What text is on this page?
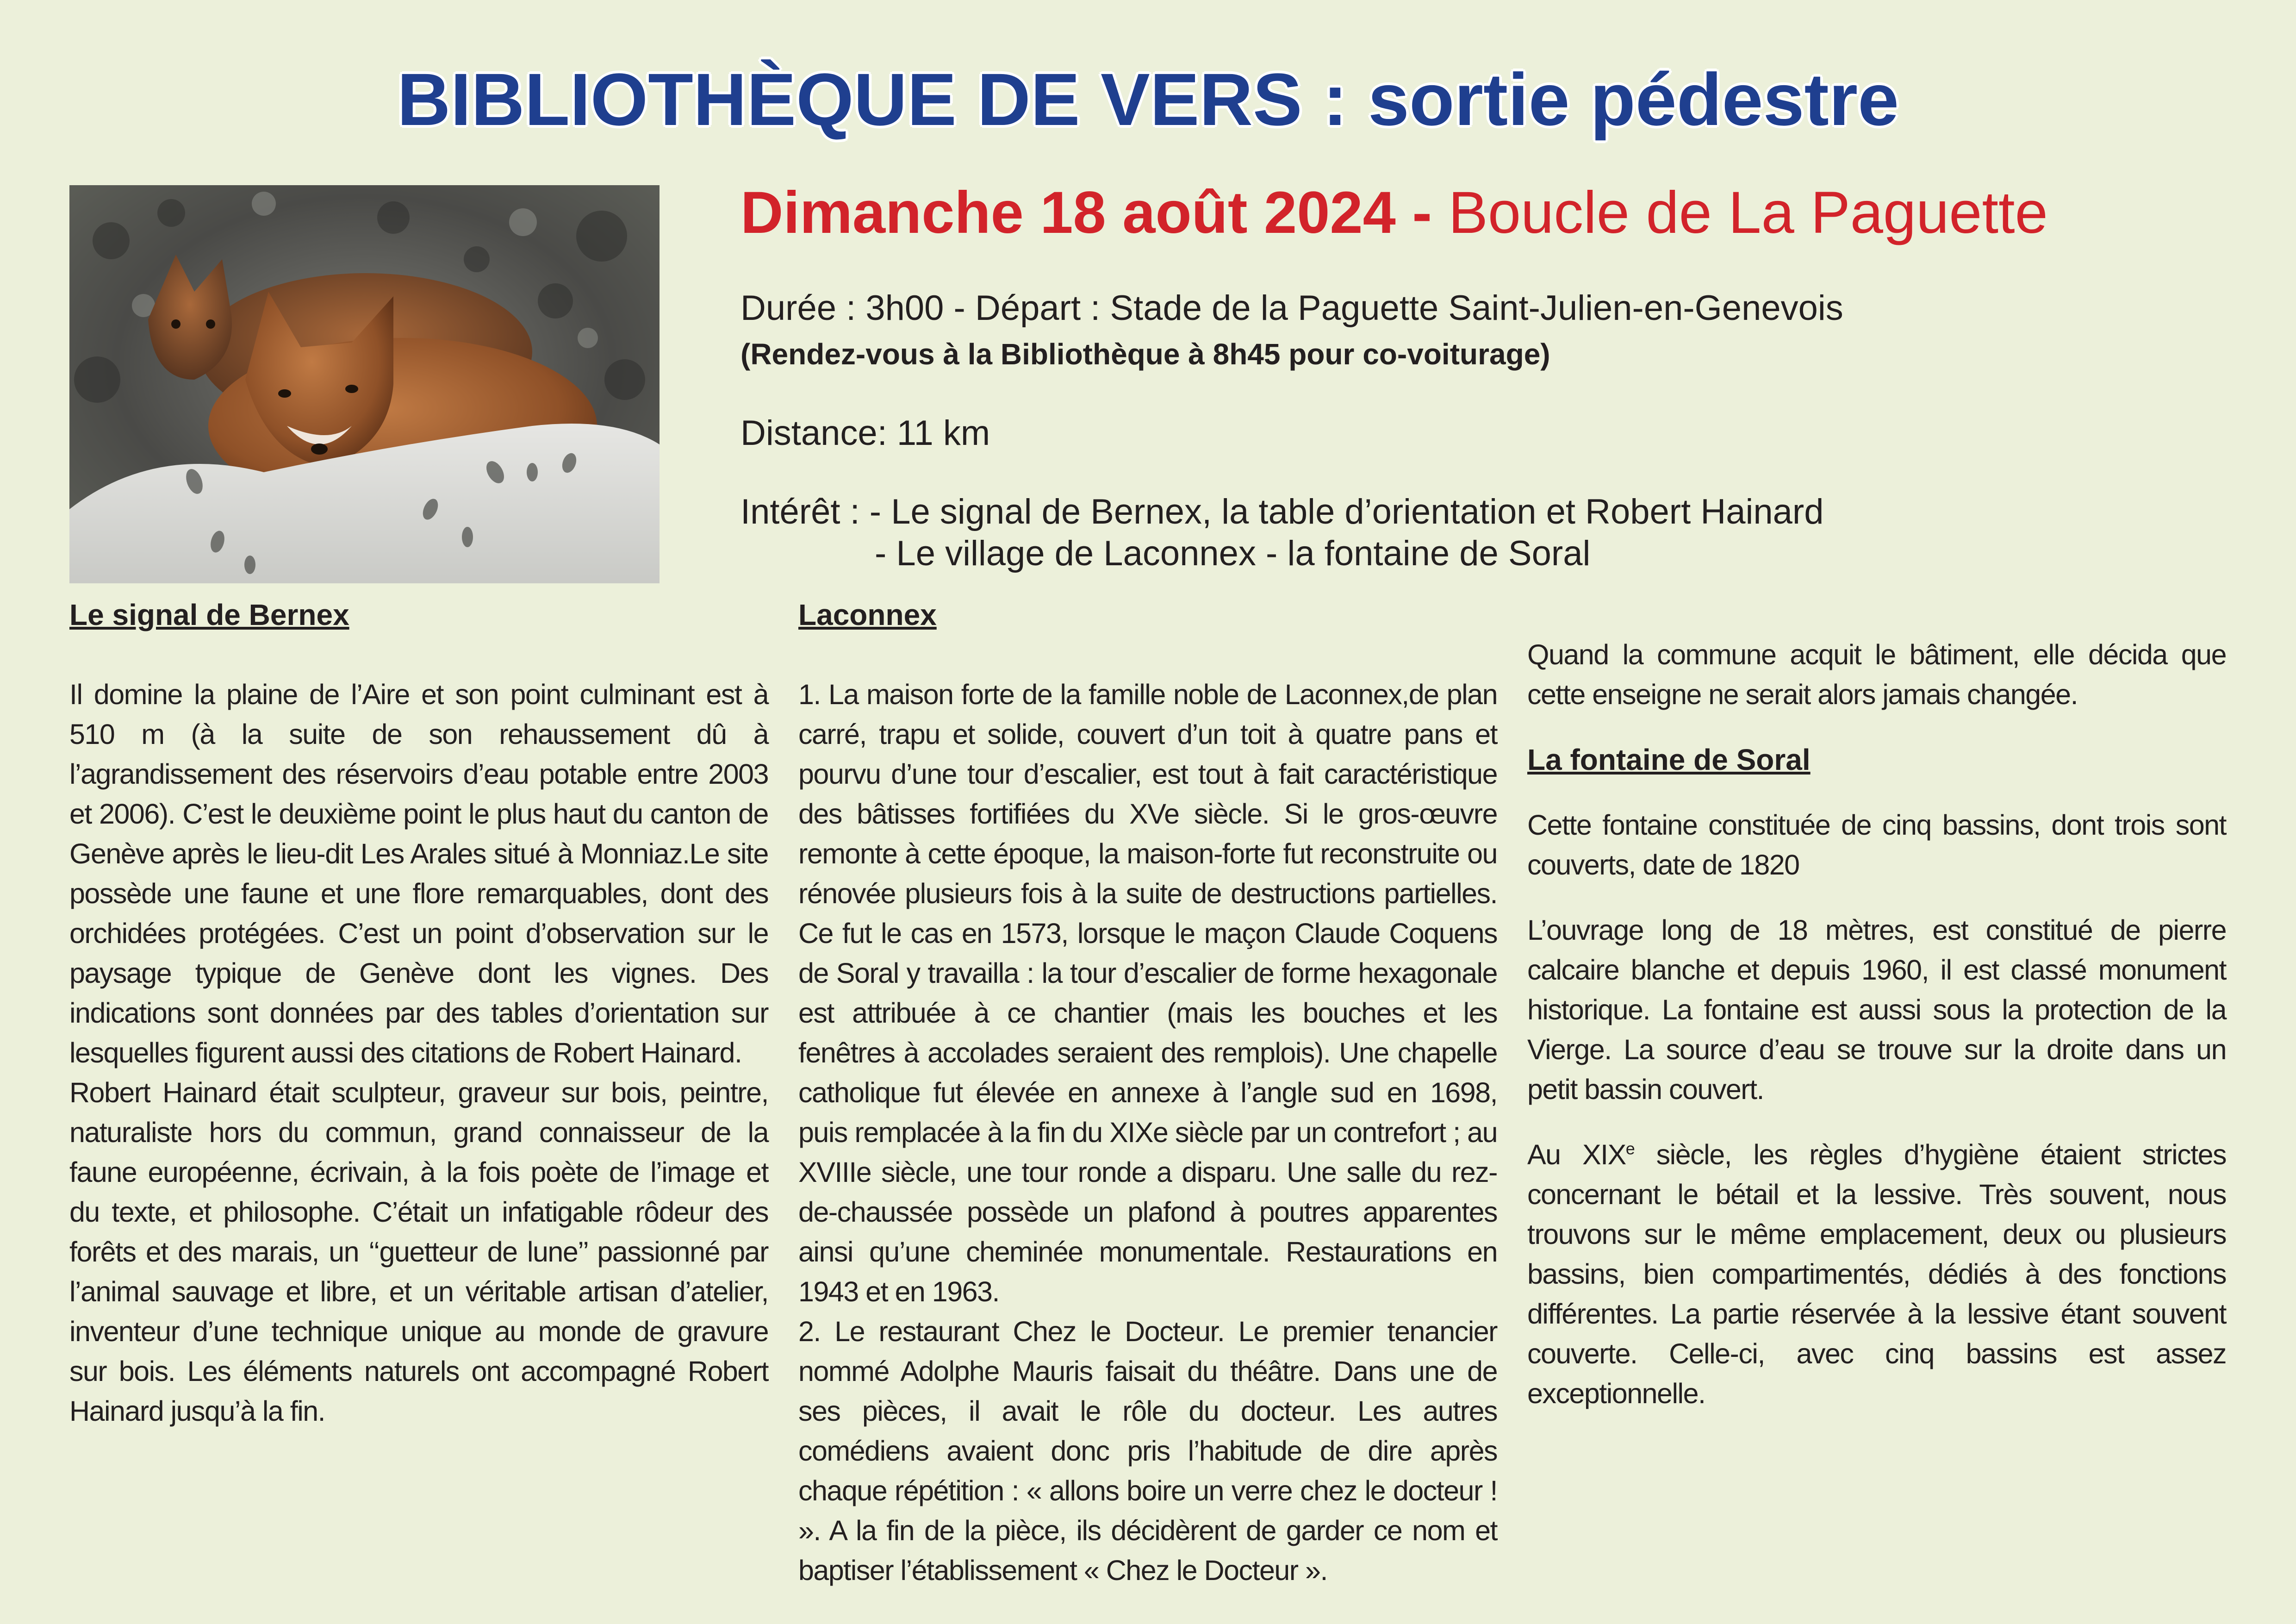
BIBLIOTHÈQUE DE VERS : sortie pédestre

Dimanche 18 août 2024 - Boucle de La Paguette

Durée : 3h00 - Départ : Stade de la Paguette Saint-Julien-en-Genevois

(Rendez-vous à la Bibliothèque à 8h45 pour co-voiturage)

Distance: 11 km

Intérêt : - Le signal de Bernex, la table d’orientation et Robert Hainard

- Le village de Laconnex - la fontaine de Soral

Le signal de Bernex

Il domine la plaine de l’Aire et son point culminant est à 510 m (à la suite de son rehaussement dû à l’agrandissement des réservoirs d’eau potable entre 2003 et 2006). C’est le deuxième point le plus haut du canton de Genève après le lieu-dit Les Arales situé à Monniaz.Le site possède une faune et une flore remarquables, dont des orchidées protégées. C’est un point d’observation sur le paysage typique de Genève dont les vignes. Des indications sont données par des tables d’orientation sur lesquelles figurent aussi des citations de Robert Hainard.

Robert Hainard était sculpteur, graveur sur bois, peintre, naturaliste hors du commun, grand connaisseur de la faune européenne, écrivain, à la fois poète de l’image et du texte, et philosophe. C’était un infatigable rôdeur des forêts et des marais, un ‘‘guetteur de lune’’ passionné par l’animal sauvage et libre, et un véritable artisan d’atelier, inventeur d’une technique unique au monde de gravure sur bois. Les éléments naturels ont accompagné Robert Hainard jusqu’à la fin.

Laconnex

1. La maison forte de la famille noble de Laconnex,de plan carré, trapu et solide, couvert d’un toit à quatre pans et pourvu d’une tour d’escalier, est tout à fait caractéristique des bâtisses fortifiées du XVe siècle. Si le gros-œuvre remonte à cette époque, la maison-forte fut reconstruite ou rénovée plusieurs fois à la suite de destructions partielles. Ce fut le cas en 1573, lorsque le maçon Claude Coquens de Soral y travailla : la tour d’escalier de forme hexagonale est attribuée à ce chantier (mais les bouches et les fenêtres à accolades seraient des remplois). Une chapelle catholique fut élevée en annexe à l’angle sud en 1698, puis remplacée à la fin du XIXe siècle par un contrefort ; au XVIIIe siècle, une tour ronde a disparu. Une salle du rez-de-chaussée possède un plafond à poutres apparentes ainsi qu’une cheminée monumentale. Restaurations en 1943 et en 1963.

2. Le restaurant Chez le Docteur. Le premier tenancier nommé Adolphe Mauris faisait du théâtre. Dans une de ses pièces, il avait le rôle du docteur. Les autres comédiens avaient donc pris l’habitude de dire après chaque répétition : « allons boire un verre chez le docteur ! ». A la fin de la pièce, ils décidèrent de garder ce nom et baptiser l’établissement « Chez le Docteur ».

Quand la commune acquit le bâtiment, elle décida que cette enseigne ne serait alors jamais changée.

La fontaine de Soral

Cette fontaine constituée de cinq bassins, dont trois sont couverts, date de 1820

L’ouvrage long de 18 mètres, est constitué de pierre calcaire blanche et depuis 1960, il est classé monument historique. La fontaine est aussi sous la protection de la Vierge. La source d’eau se trouve sur la droite dans un petit bassin couvert.

Au XIXe siècle, les règles d’hygiène étaient strictes concernant le bétail et la lessive. Très souvent, nous trouvons sur le même emplacement, deux ou plusieurs bassins, bien compartimentés, dédiés à des fonctions différentes. La partie réservée à la lessive étant souvent couverte. Celle-ci, avec cinq bassins est assez exceptionnelle.
